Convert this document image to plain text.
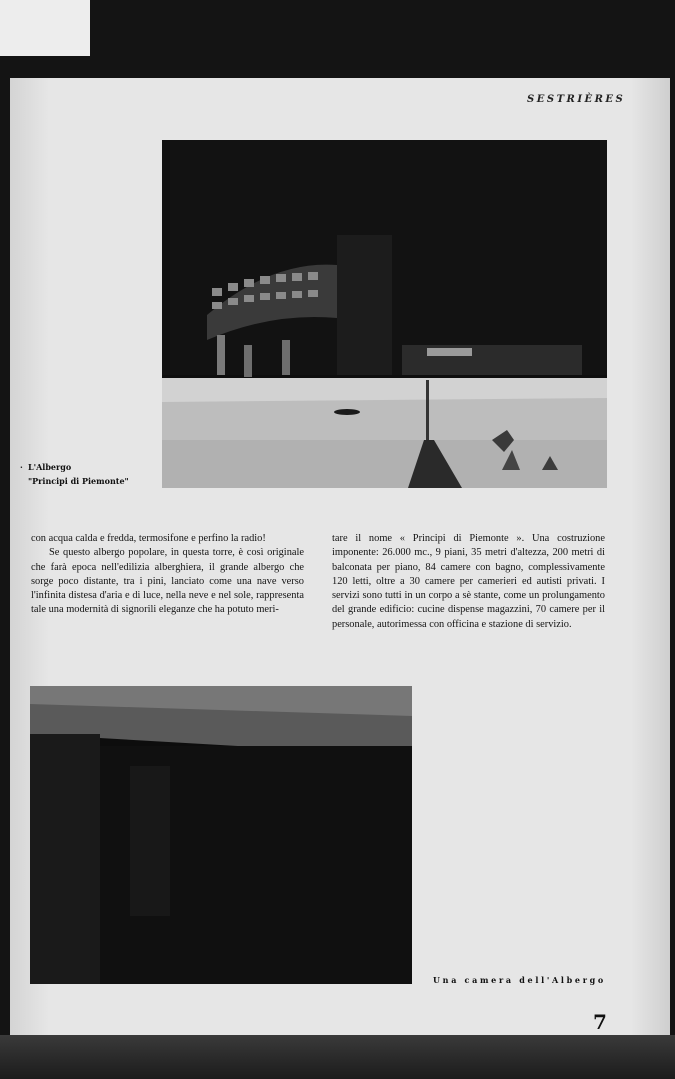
SESTRIÈRES
· L'Albergo
"Principi di Piemonte"

con acqua calda e fredda, termosifone e perfino la radio!

Se questo albergo popolare, in questa torre, è così originale che farà epoca nell'edilizia alberghiera, il grande albergo che sorge poco distante, tra i pini, lanciato come una nave verso l'infinita distesa d'aria e di luce, nella neve e nel sole, rappresenta tale una modernità di signorili eleganze che ha potuto meri-

tare il nome « Principi di Piemonte ». Una costruzione imponente: 26.000 mc., 9 piani, 35 metri d'altezza, 200 metri di balconata per piano, 84 camere con bagno, complessivamente 120 letti, oltre a 30 camere per camerieri ed autisti privati. I servizi sono tutti in un corpo a sè stante, come un prolungamento del grande edificio: cucine dispense magazzini, 70 camere per il personale, autorimessa con officina e stazione di servizio.

Una camera dell'Albergo
7
